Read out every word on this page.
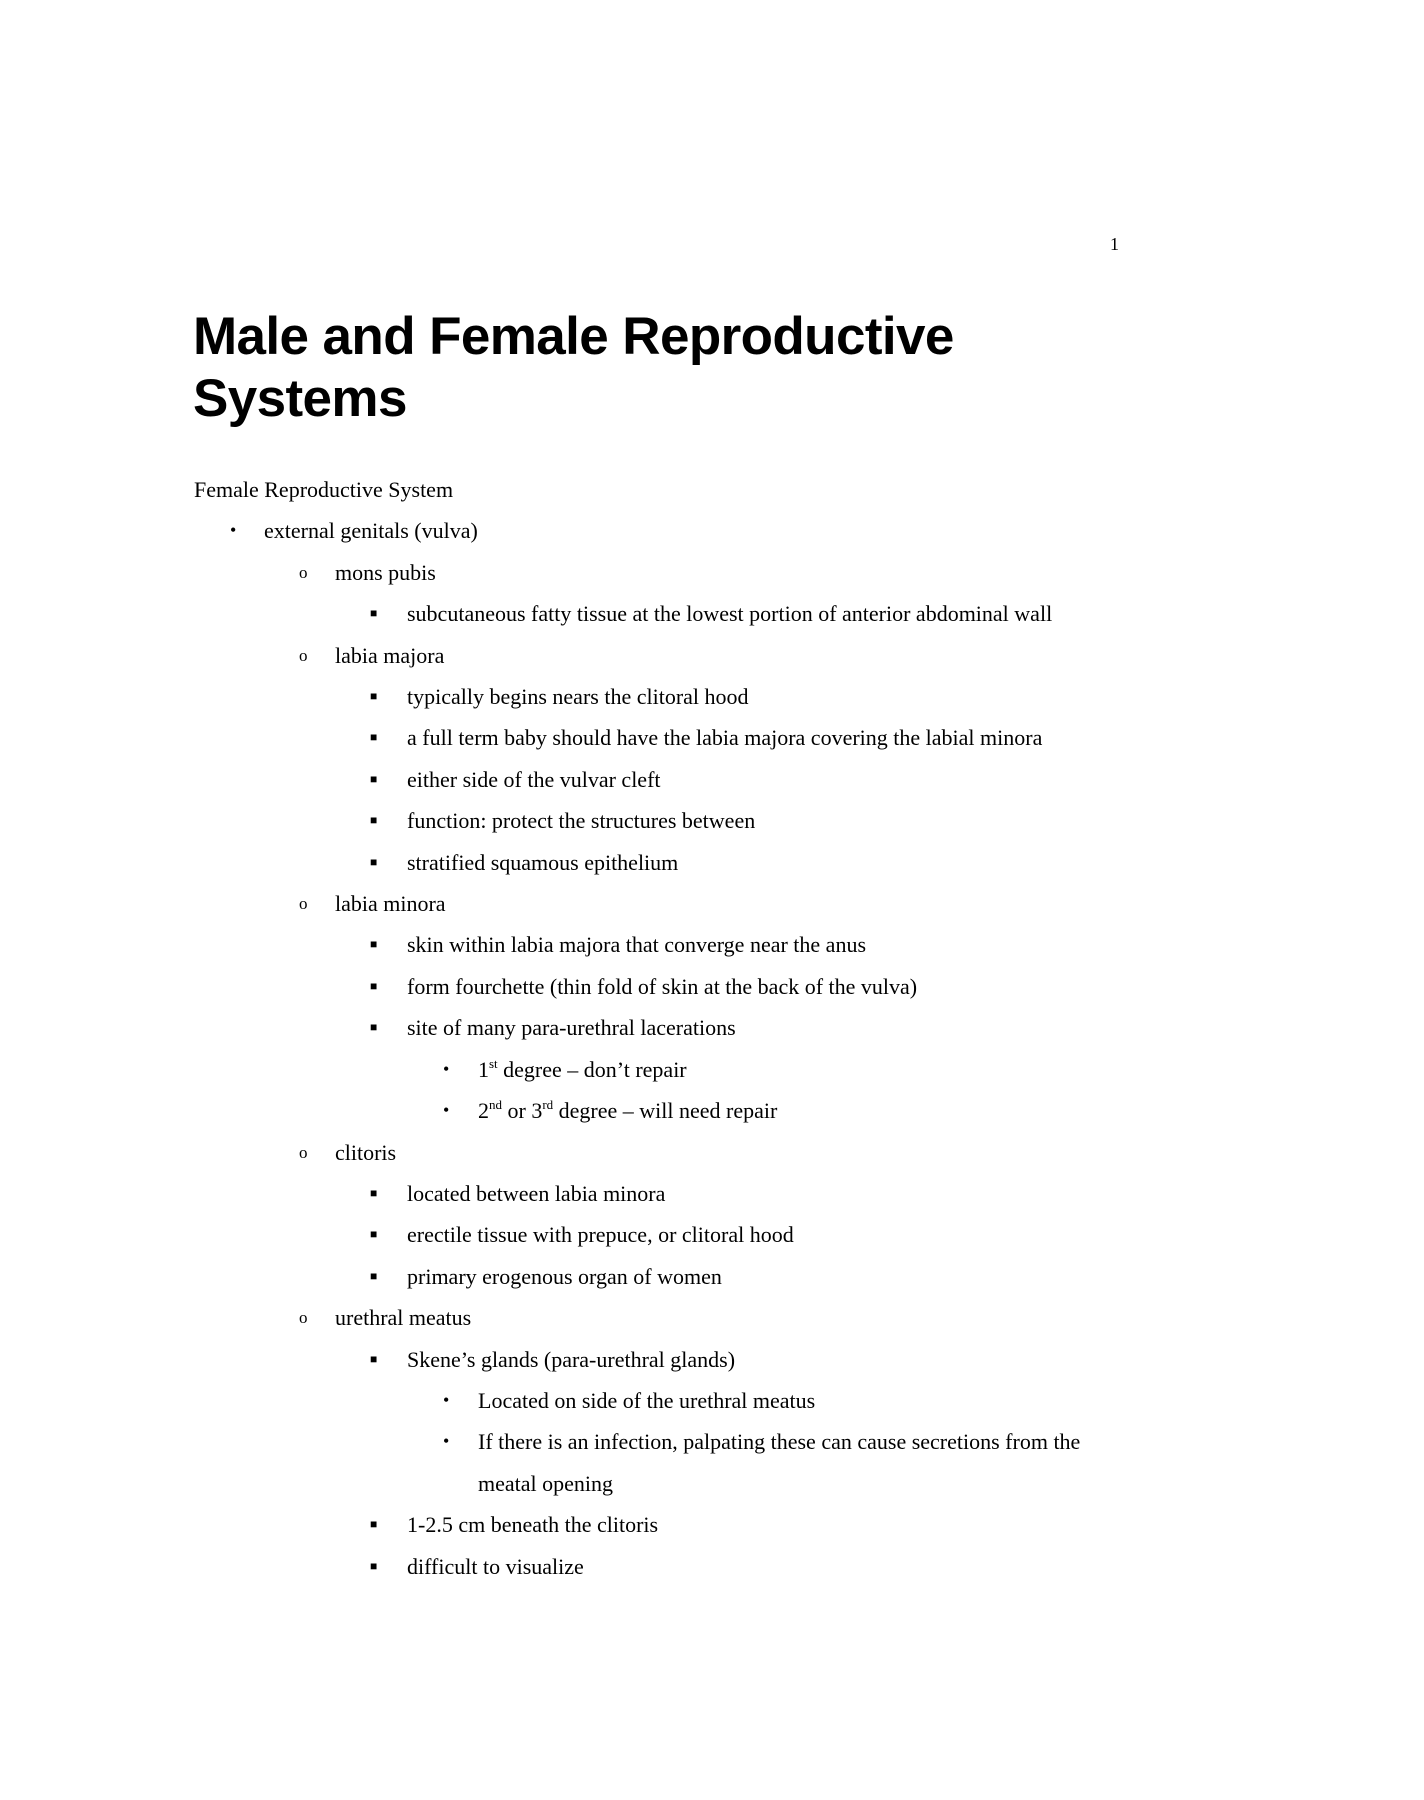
1
Male and Female Reproductive Systems
Female Reproductive System
• external genitals (vulva)
o mons pubis
■ subcutaneous fatty tissue at the lowest portion of anterior abdominal wall
o labia majora
■ typically begins nears the clitoral hood
■ a full term baby should have the labia majora covering the labial minora
■ either side of the vulvar cleft
■ function: protect the structures between
■ stratified squamous epithelium
o labia minora
■ skin within labia majora that converge near the anus
■ form fourchette (thin fold of skin at the back of the vulva)
■ site of many para-urethral lacerations
• 1st degree – don’t repair
• 2nd or 3rd degree – will need repair
o clitoris
■ located between labia minora
■ erectile tissue with prepuce, or clitoral hood
■ primary erogenous organ of women
o urethral meatus
■ Skene’s glands (para-urethral glands)
• Located on side of the urethral meatus
• If there is an infection, palpating these can cause secretions from the meatal opening
■ 1-2.5 cm beneath the clitoris
■ difficult to visualize
